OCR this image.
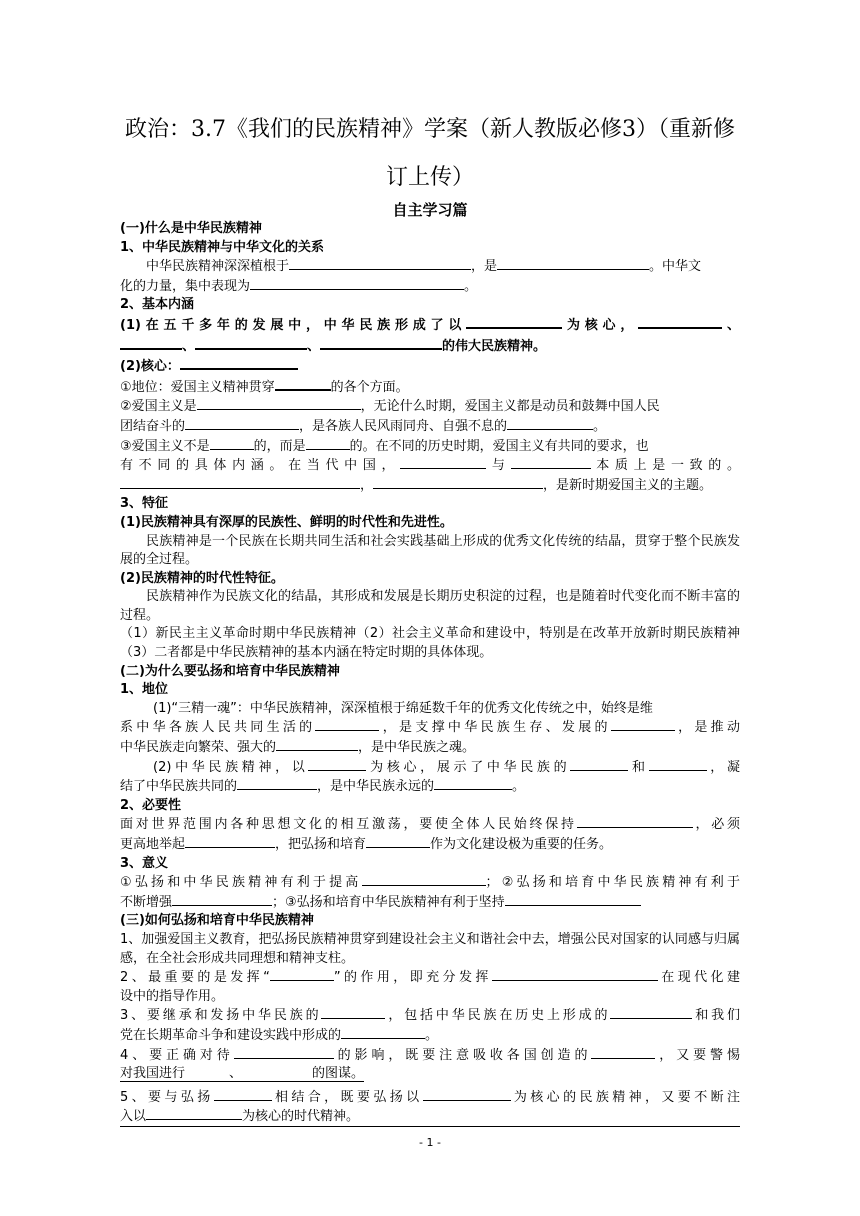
政治：3.7《我们的民族精神》学案（新人教版必修3）（重新修
订上传）
自主学习篇

(一)什么是中华民族精神

1、中华民族精神与中华文化的关系

中华民族精神深深植根于	，是	。中华文

化的力量，集中表现为	。

2、基本内涵

(1)在五千多年的发展中，中华民族形成了以	为核心，	、

、	、	的伟大民族精神。

(2)核心：

①地位：爱国主义精神贯穿	的各个方面。

②爱国主义是	，无论什么时期，爱国主义都是动员和鼓舞中国人民

团结奋斗的	，是各族人民风雨同舟、自强不息的	。

③爱国主义不是	的，而是	的。在不同的历史时期，爱国主义有共同的要求，也

有不同的具体内涵。在当代中国，	与	本质上是一致的。

，	，是新时期爱国主义的主题。

3、特征

(1)民族精神具有深厚的民族性、鲜明的时代性和先进性。

民族精神是一个民族在长期共同生活和社会实践基础上形成的优秀文化传统的结晶，贯穿于整个民族发展的全过程。

(2)民族精神的时代性特征。

民族精神作为民族文化的结晶，其形成和发展是长期历史积淀的过程，也是随着时代变化而不断丰富的过程。

（1）新民主主义革命时期中华民族精神（2）社会主义革命和建设中，特别是在改革开放新时期民族精神（3）二者都是中华民族精神的基本内涵在特定时期的具体体现。

(二)为什么要弘扬和培育中华民族精神

1、地位

(1)“三精一魂”：中华民族精神，深深植根于绵延数千年的优秀文化传统之中，始终是维

系中华各族人民共同生活的	，是支撑中华民族生存、发展的	，是推动

中华民族走向繁荣、强大的	，是中华民族之魂。

(2)中华民族精神，以	为核心，展示了中华民族的	和	，凝

结了中华民族共同的	，是中华民族永远的	。

2、必要性

面对世界范围内各种思想文化的相互激荡，要使全体人民始终保持	，必须

更高地举起	，把弘扬和培育	作为文化建设极为重要的任务。

3、意义

①弘扬和中华民族精神有利于提高	；②弘扬和培育中华民族精神有利于

不断增强	；③弘扬和培育中华民族精神有利于坚持

(三)如何弘扬和培育中华民族精神

1、加强爱国主义教育，把弘扬民族精神贯穿到建设社会主义和谐社会中去，增强公民对国家的认同感与归属感，在全社会形成共同理想和精神支柱。

2、最重要的是发挥“	”的作用，即充分发挥	在现代化建

设中的指导作用。

3、要继承和发扬中华民族的	，包括中华民族在历史上形成的	和我们

党在长期革命斗争和建设实践中形成的	。

4、要正确对待	的影响，既要注意吸收各国创造的	，又要警惕

对我国进行	、	的图谋。

5、要与弘扬	相结合，既要弘扬以	为核心的民族精神，又要不断注

入以	为核心的时代精神。

- 1 -
